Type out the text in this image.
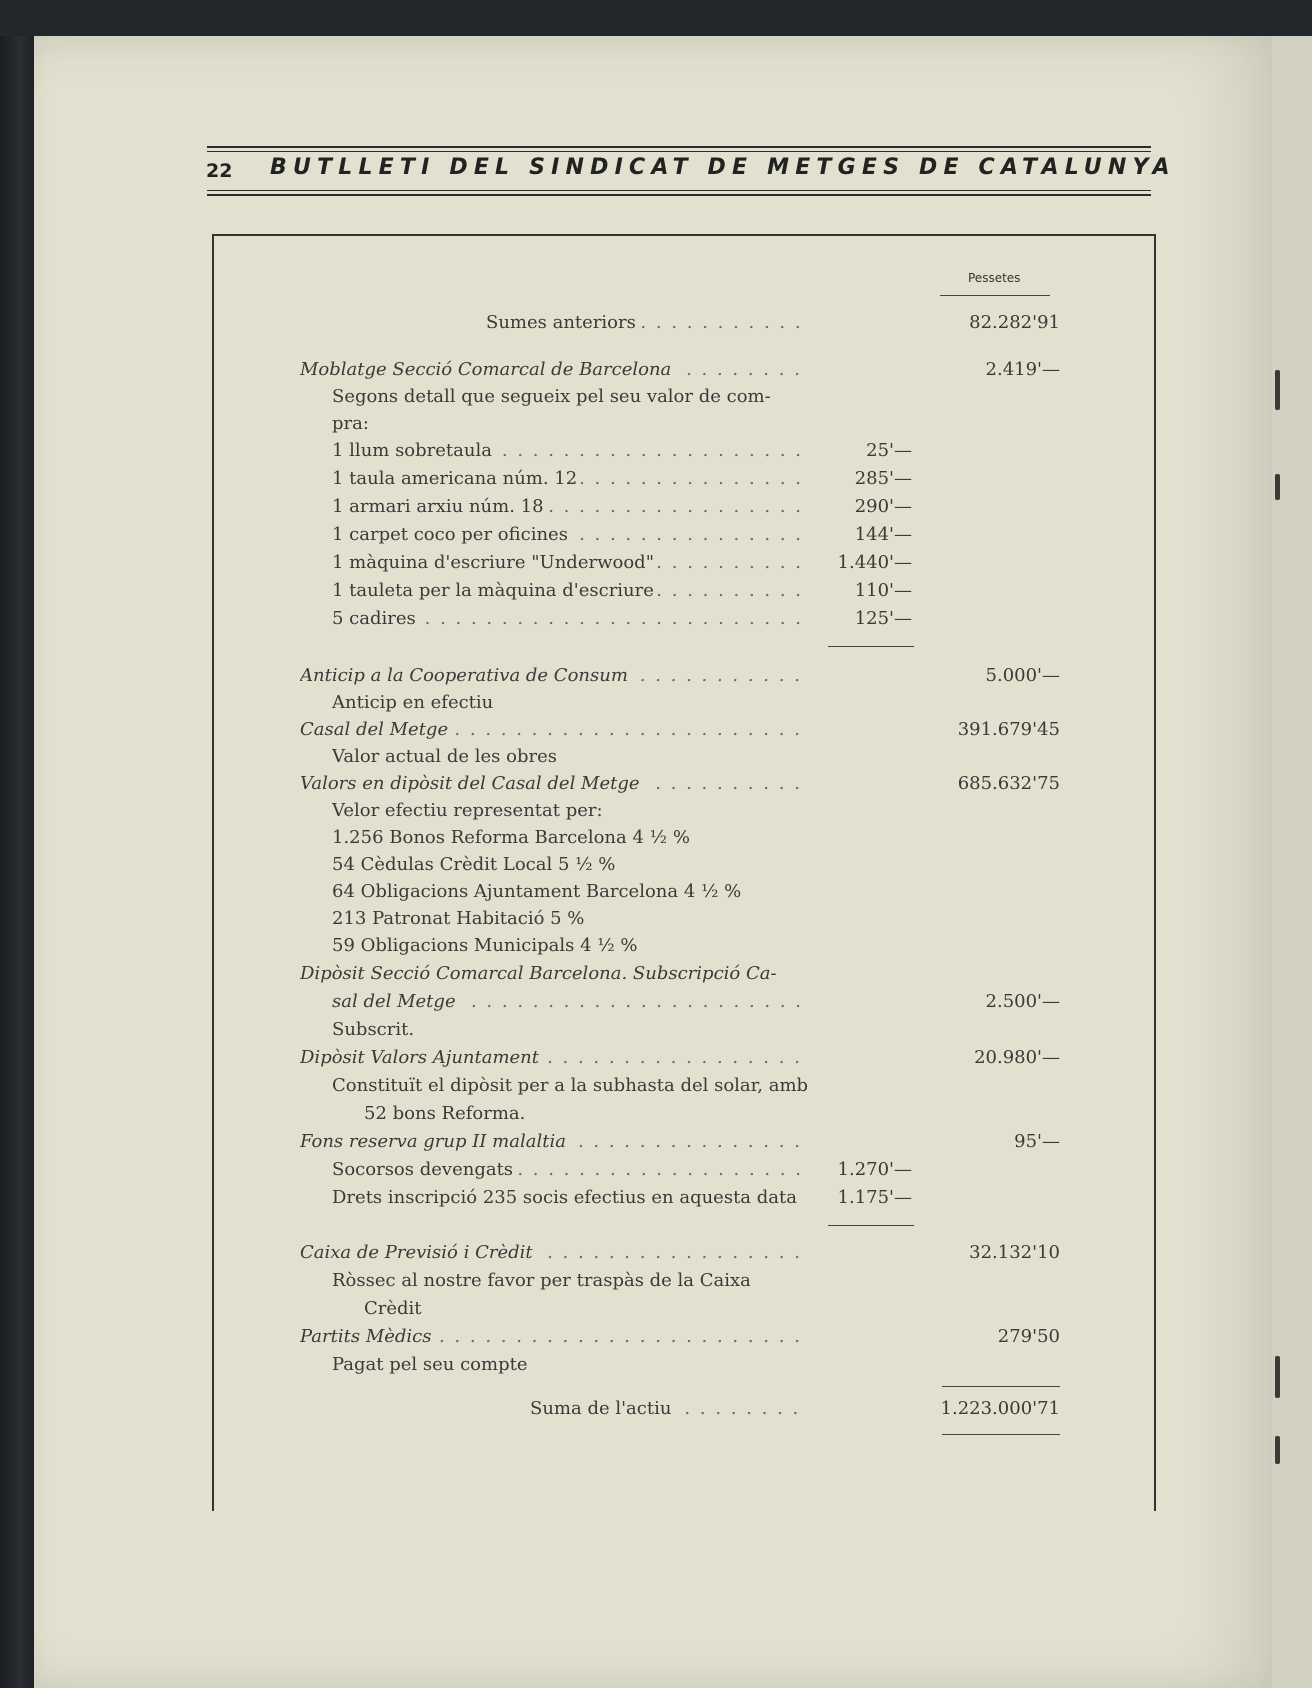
22 BUTLLETI DEL SINDICAT DE METGES DE CATALUNYA
Pessetes
Sumes anteriors . . .	82.282'91
Moblatge Secció Comarcal de Barcelona . . .	2.419'—
Segons detall que segueix pel seu valor de com-
pra:
1 llum sobretaula . . .	25'—
1 taula americana núm. 12 . . .	285'—
1 armari arxiu núm. 18 . . .	290'—
1 carpet coco per oficines . . .	144'—
1 màquina d'escriure "Underwood" . . .	1.440'—
1 tauleta per la màquina d'escriure . . .	110'—
5 cadires . . .	125'—
Anticip a la Cooperativa de Consum . . .	5.000'—
Anticip en efectiu
Casal del Metge . . .	391.679'45
Valor actual de les obres
Valors en dipòsit del Casal del Metge . . .	685.632'75
Velor efectiu representat per:
1.256 Bonos Reforma Barcelona 4 ½ %
54 Cèdulas Crèdit Local 5 ½ %
64 Obligacions Ajuntament Barcelona 4 ½ %
213 Patronat Habitació 5 %
59 Obligacions Municipals 4 ½ %
Dipòsit Secció Comarcal Barcelona. Subscripció Ca-
sal del Metge . . .	2.500'—
Subscrit.
Dipòsit Valors Ajuntament . . .	20.980'—
Constituït el dipòsit per a la subhasta del solar, amb
52 bons Reforma.
Fons reserva grup II malaltia . . .	95'—
Socorsos devengats . . .	1.270'—
Drets inscripció 235 socis efectius en aquesta data	1.175'—
Caixa de Previsió i Crèdit . . .	32.132'10
Ròssec al nostre favor per traspàs de la Caixa
Crèdit
Partits Mèdics . . .	279'50
Pagat pel seu compte
Suma de l'actiu . . .	1.223.000'71
